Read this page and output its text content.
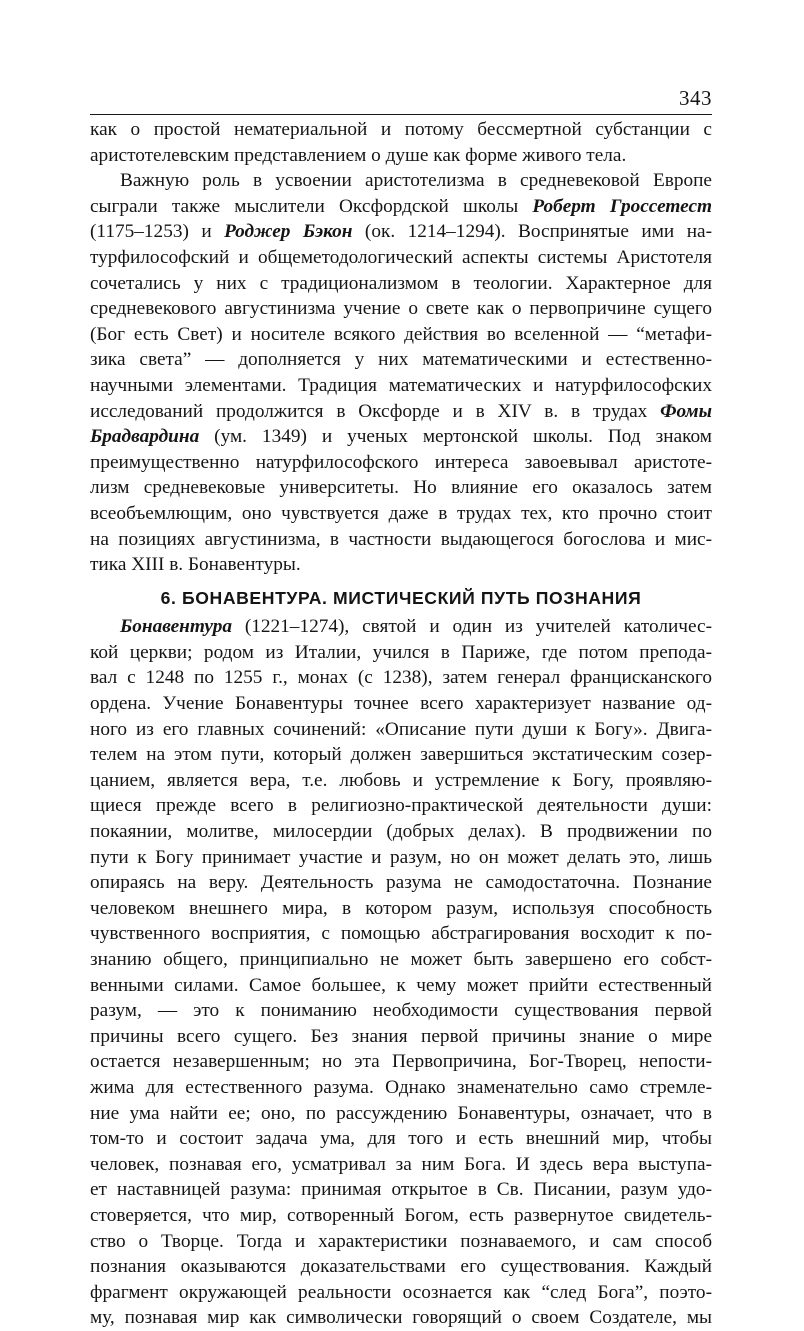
343
как о простой нематериальной и потому бессмертной субстанции с
аристотелевским представлением о душе как форме живого тела.
Важную роль в усвоении аристотелизма в средневековой Европе
сыграли также мыслители Оксфордской школы Роберт Гроссетест
(1175–1253) и Роджер Бэкон (ок. 1214–1294). Воспринятые ими на-
турфилософский и общеметодологический аспекты системы Аристотеля
сочетались у них с традиционализмом в теологии. Характерное для
средневекового августинизма учение о свете как о первопричине сущего
(Бог есть Свет) и носителе всякого действия во вселенной — “метафи-
зика света” — дополняется у них математическими и естественно-
научными элементами. Традиция математических и натурфилософских
исследований продолжится в Оксфорде и в XIV в. в трудах Фомы
Брадвардина (ум. 1349) и ученых мертонской школы. Под знаком
преимущественно натурфилософского интереса завоевывал аристоте-
лизм средневековые университеты. Но влияние его оказалось затем
всеобъемлющим, оно чувствуется даже в трудах тех, кто прочно стоит
на позициях августинизма, в частности выдающегося богослова и мис-
тика XIII в. Бонавентуры.
6. БОНАВЕНТУРА. МИСТИЧЕСКИЙ ПУТЬ ПОЗНАНИЯ
Бонавентура (1221–1274), святой и один из учителей католичес-
кой церкви; родом из Италии, учился в Париже, где потом препода-
вал с 1248 по 1255 г., монах (с 1238), затем генерал францисканского
ордена. Учение Бонавентуры точнее всего характеризует название од-
ного из его главных сочинений: «Описание пути души к Богу». Двига-
телем на этом пути, который должен завершиться экстатическим созер-
цанием, является вера, т.е. любовь и устремление к Богу, проявляю-
щиеся прежде всего в религиозно-практической деятельности души:
покаянии, молитве, милосердии (добрых делах). В продвижении по
пути к Богу принимает участие и разум, но он может делать это, лишь
опираясь на веру. Деятельность разума не самодостаточна. Познание
человеком внешнего мира, в котором разум, используя способность
чувственного восприятия, с помощью абстрагирования восходит к по-
знанию общего, принципиально не может быть завершено его собст-
венными силами. Самое большее, к чему может прийти естественный
разум, — это к пониманию необходимости существования первой
причины всего сущего. Без знания первой причины знание о мире
остается незавершенным; но эта Первопричина, Бог-Творец, непости-
жима для естественного разума. Однако знаменательно само стремле-
ние ума найти ее; оно, по рассуждению Бонавентуры, означает, что в
том-то и состоит задача ума, для того и есть внешний мир, чтобы
человек, познавая его, усматривал за ним Бога. И здесь вера выступа-
ет наставницей разума: принимая открытое в Св. Писании, разум удо-
стоверяется, что мир, сотворенный Богом, есть развернутое свидетель-
ство о Творце. Тогда и характеристики познаваемого, и сам способ
познания оказываются доказательствами его существования. Каждый
фрагмент окружающей реальности осознается как “след Бога”, поэто-
му, познавая мир как символически говорящий о своем Создателе, мы
